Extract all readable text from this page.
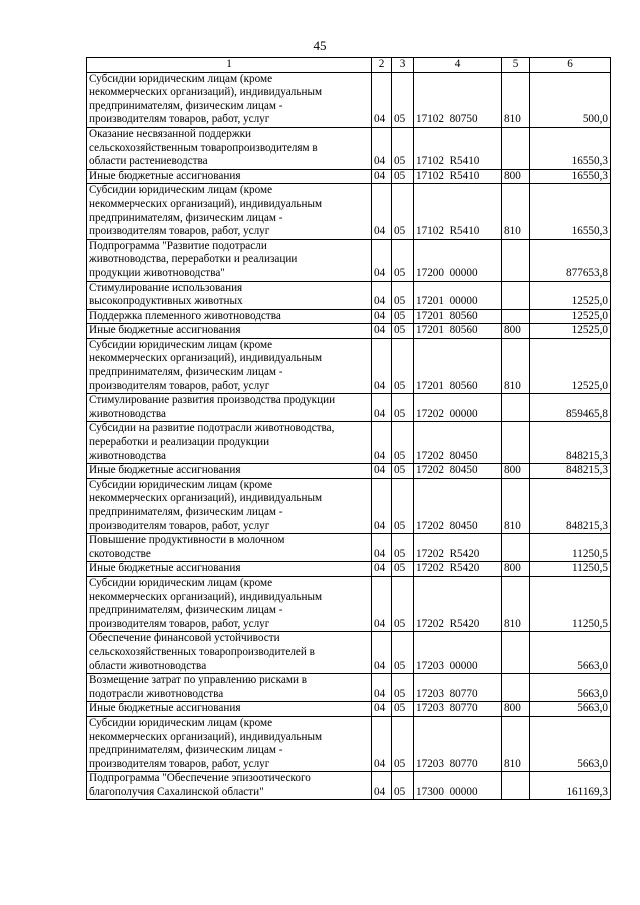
45
1	2	3	4	5	6
Субсидии юридическим лицам (кроме
некоммерческих организаций), индивидуальным
предпринимателям, физическим лицам -
производителям товаров, работ, услуг	04	05	17102  80750	810	500,0
Оказание несвязанной поддержки
сельскохозяйственным товаропроизводителям в
области растениеводства	04	05	17102  R5410		16550,3
Иные бюджетные ассигнования	04	05	17102  R5410	800	16550,3
Субсидии юридическим лицам (кроме
некоммерческих организаций), индивидуальным
предпринимателям, физическим лицам -
производителям товаров, работ, услуг	04	05	17102  R5410	810	16550,3
Подпрограмма "Развитие подотрасли
животноводства, переработки и реализации
продукции животноводства"	04	05	17200  00000		877653,8
Стимулирование использования
высокопродуктивных животных	04	05	17201  00000		12525,0
Поддержка племенного животноводства	04	05	17201  80560		12525,0
Иные бюджетные ассигнования	04	05	17201  80560	800	12525,0
Субсидии юридическим лицам (кроме
некоммерческих организаций), индивидуальным
предпринимателям, физическим лицам -
производителям товаров, работ, услуг	04	05	17201  80560	810	12525,0
Стимулирование развития производства продукции
животноводства	04	05	17202  00000		859465,8
Субсидии на развитие подотрасли животноводства,
переработки и реализации продукции
животноводства	04	05	17202  80450		848215,3
Иные бюджетные ассигнования	04	05	17202  80450	800	848215,3
Субсидии юридическим лицам (кроме
некоммерческих организаций), индивидуальным
предпринимателям, физическим лицам -
производителям товаров, работ, услуг	04	05	17202  80450	810	848215,3
Повышение продуктивности в молочном
скотоводстве	04	05	17202  R5420		11250,5
Иные бюджетные ассигнования	04	05	17202  R5420	800	11250,5
Субсидии юридическим лицам (кроме
некоммерческих организаций), индивидуальным
предпринимателям, физическим лицам -
производителям товаров, работ, услуг	04	05	17202  R5420	810	11250,5
Обеспечение финансовой устойчивости
сельскохозяйственных товаропроизводителей в
области животноводства	04	05	17203  00000		5663,0
Возмещение затрат по управлению рисками в
подотрасли животноводства	04	05	17203  80770		5663,0
Иные бюджетные ассигнования	04	05	17203  80770	800	5663,0
Субсидии юридическим лицам (кроме
некоммерческих организаций), индивидуальным
предпринимателям, физическим лицам -
производителям товаров, работ, услуг	04	05	17203  80770	810	5663,0
Подпрограмма "Обеспечение эпизоотического
благополучия Сахалинской области"	04	05	17300  00000		161169,3
